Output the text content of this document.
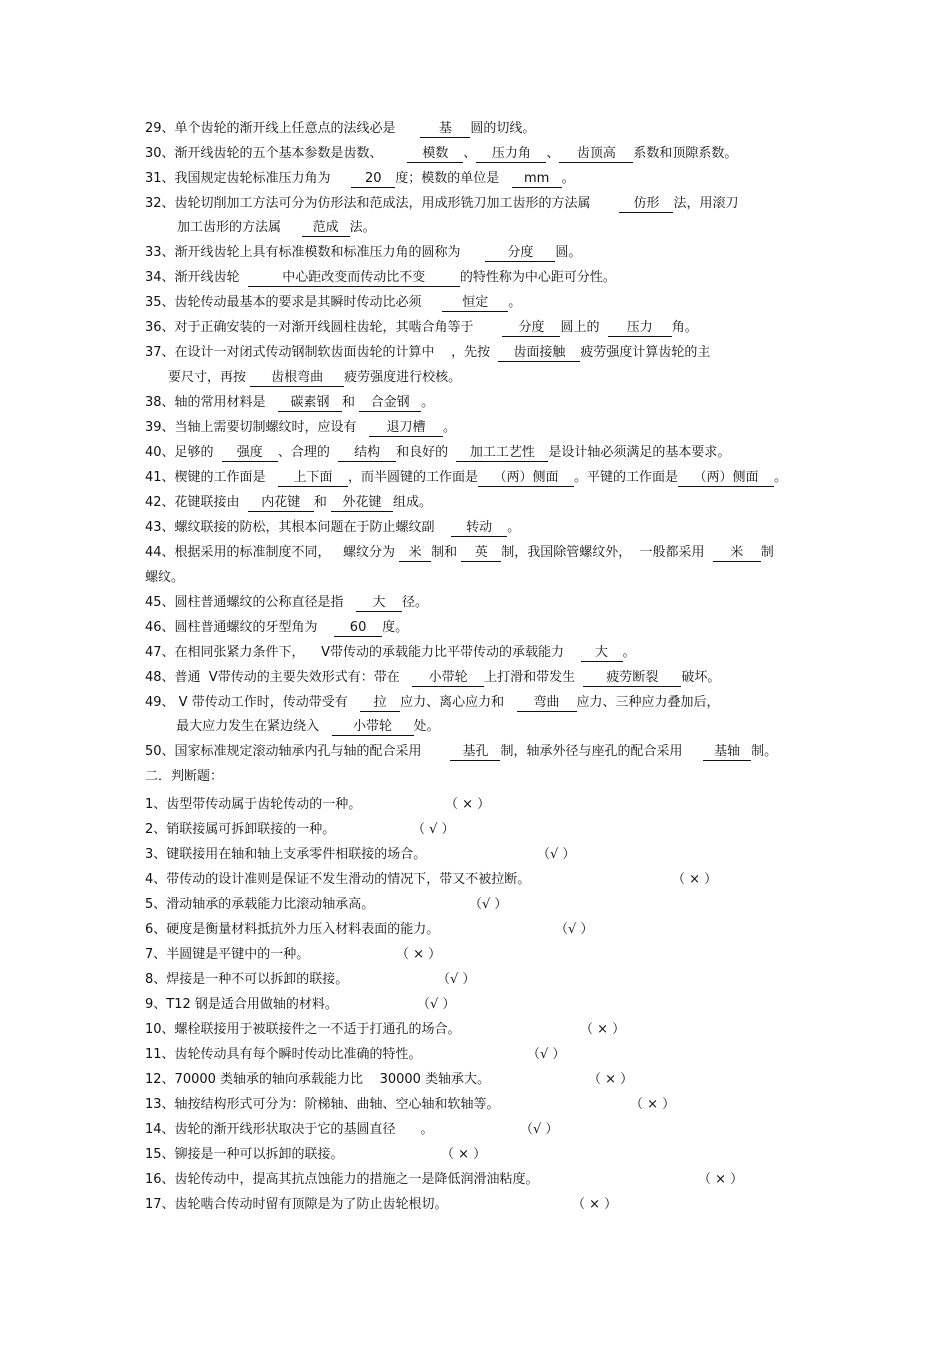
29、单个齿轮的渐开线上任意点的法线必是      基 圆的切线。
30、渐开线齿轮的五个基本参数是齿数、      模数 、 压力角 、 齿顶高 系数和顶隙系数。
31、我国规定齿轮标准压力角为     20 度；模数的单位是   mm 。
32、齿轮切削加工方法可分为仿形法和范成法，用成形铣刀加工齿形的方法属       仿形 法，用滚刀
加工齿形的方法属     范成 法。
33、渐开线齿轮上具有标准模数和标准压力角的圆称为      分度 圆。
34、渐开线齿轮	中心距改变而传动比不变	的特性称为中心距可分性。
35、齿轮传动最基本的要求是其瞬时传动比必须     恒定 。
36、对于正确安装的一对渐开线圆柱齿轮，其啮合角等于       分度 圆上的  压力 角。
37、在设计一对闭式传动钢制软齿面齿轮的计算中    ，先按  齿面接触 疲劳强度计算齿轮的主
要尺寸，再按 齿根弯曲 疲劳强度进行校核。
38、轴的常用材料是   碳素钢 和 合金钢 。
39、当轴上需要切制螺纹时，应设有   退刀槽 。
40、足够的  强度 、合理的  结构 和良好的  加工工艺性 是设计轴必须满足的基本要求。
41、楔键的工作面是   上下面 ，而半圆键的工作面是 （两）侧面 。平键的工作面是 （两）侧面 。
42、花键联接由  内花键 和 外花键 组成。
43、螺纹联接的防松，其根本问题在于防止螺纹副    转动 。
44、根据采用的标准制度不同，   螺纹分为 米 制和 英 制，我国除管螺纹外，  一般都采用  米 制
螺纹。
45、圆柱普通螺纹的公称直径是指   大 径。
46、圆柱普通螺纹的牙型角为    60 度。
47、在相同张紧力条件下，    V带传动的承载能力比平带传动的承载能力    大 。
48、普通  V带传动的主要失效形式有：带在   小带轮 上打滑和带发生  疲劳断裂 破坏。
49、 V 带传动工作时，传动带受有   拉 应力、离心应力和   弯曲 应力、三种应力叠加后，
最大应力发生在紧边绕入   小带轮 处。
50、国家标准规定滚动轴承内孔与轴的配合采用       基孔 制，轴承外径与座孔的配合采用     基轴 制。
二．判断题：
1、齿型带传动属于齿轮传动的一种。	（ × ）
2、销联接属可拆卸联接的一种。	（ √ ）
3、键联接用在轴和轴上支承零件相联接的场合。	（√ ）
4、带传动的设计准则是保证不发生滑动的情况下，带又不被拉断。	（ × ）
5、滑动轴承的承载能力比滚动轴承高。	（√ ）
6、硬度是衡量材料抵抗外力压入材料表面的能力。	（√ ）
7、半圆键是平键中的一种。	（ × ）
8、焊接是一种不可以拆卸的联接。	（√ ）
9、T12 钢是适合用做轴的材料。	（√ ）
10、螺栓联接用于被联接件之一不适于打通孔的场合。	（ × ）
11、齿轮传动具有每个瞬时传动比准确的特性。	（√ ）
12、70000 类轴承的轴向承载能力比    30000 类轴承大。	（ × ）
13、轴按结构形式可分为：阶梯轴、曲轴、空心轴和软轴等。	（ × ）
14、齿轮的渐开线形状取决于它的基圆直径      。	（√ ）
15、铆接是一种可以拆卸的联接。	（ × ）
16、齿轮传动中，提高其抗点蚀能力的措施之一是降低润滑油粘度。	（ × ）
17、齿轮啮合传动时留有顶隙是为了防止齿轮根切。	（ × ）
